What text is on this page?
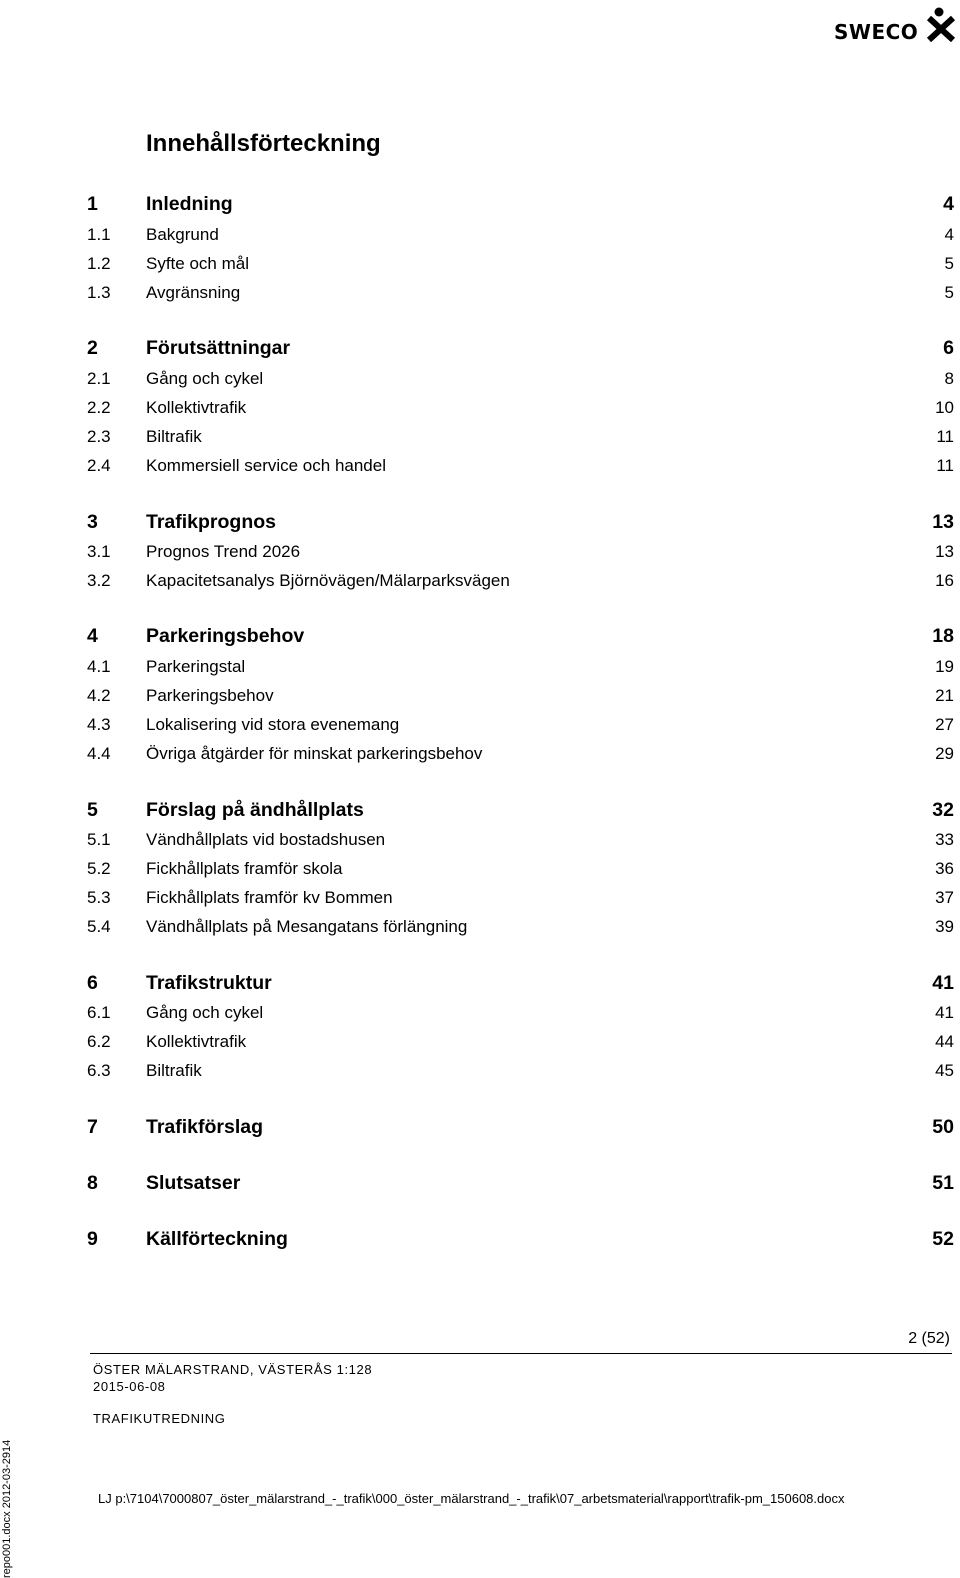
SWECO
Innehållsförteckning
1 Inledning	4
1.1 Bakgrund	4
1.2 Syfte och mål	5
1.3 Avgränsning	5
2 Förutsättningar	6
2.1 Gång och cykel	8
2.2 Kollektivtrafik	10
2.3 Biltrafik	11
2.4 Kommersiell service och handel	11
3 Trafikprognos	13
3.1 Prognos Trend 2026	13
3.2 Kapacitetsanalys Björnövägen/Mälarparksvägen	16
4 Parkeringsbehov	18
4.1 Parkeringstal	19
4.2 Parkeringsbehov	21
4.3 Lokalisering vid stora evenemang	27
4.4 Övriga åtgärder för minskat parkeringsbehov	29
5 Förslag på ändhållplats	32
5.1 Vändhållplats vid bostadshusen	33
5.2 Fickhållplats framför skola	36
5.3 Fickhållplats framför kv Bommen	37
5.4 Vändhållplats på Mesangatans förlängning	39
6 Trafikstruktur	41
6.1 Gång och cykel	41
6.2 Kollektivtrafik	44
6.3 Biltrafik	45
7 Trafikförslag	50
8 Slutsatser	51
9 Källförteckning	52
2 (52)
ÖSTER MÄLARSTRAND, VÄSTERÅS 1:128
2015-06-08
TRAFIKUTREDNING
repo001.docx 2012-03-2914	LJ p:\7104\7000807_öster_mälarstrand_-_trafik\000_öster_mälarstrand_-_trafik\07_arbetsmaterial\rapport\trafik-pm_150608.docx
